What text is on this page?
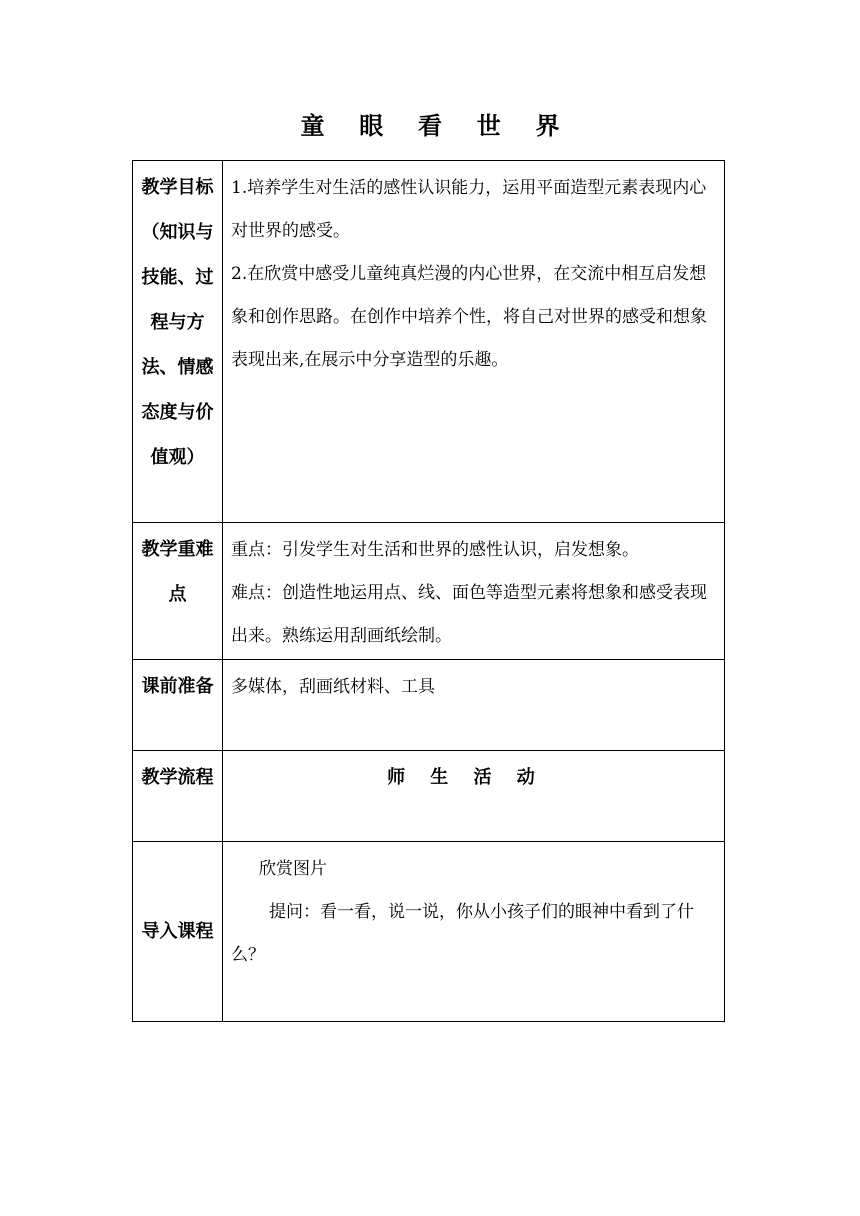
童 眼 看 世 界
教学目标（知识与技能、过程与方法、情感态度与价值观）	1.培养学生对生活的感性认识能力，运用平面造型元素表现内心对世界的感受。

2.在欣赏中感受儿童纯真烂漫的内心世界，在交流中相互启发想象和创作思路。在创作中培养个性，将自己对世界的感受和想象表现出来,在展示中分享造型的乐趣。

教学重难点	重点：引发学生对生活和世界的感性认识，启发想象。

难点：创造性地运用点、线、面色等造型元素将想象和感受表现出来。熟练运用刮画纸绘制。

课前准备	多媒体，刮画纸材料、工具

教学流程	师生活动
导入课程	欣赏图片

提问：看一看，说一说，你从小孩子们的眼神中看到了什么？
